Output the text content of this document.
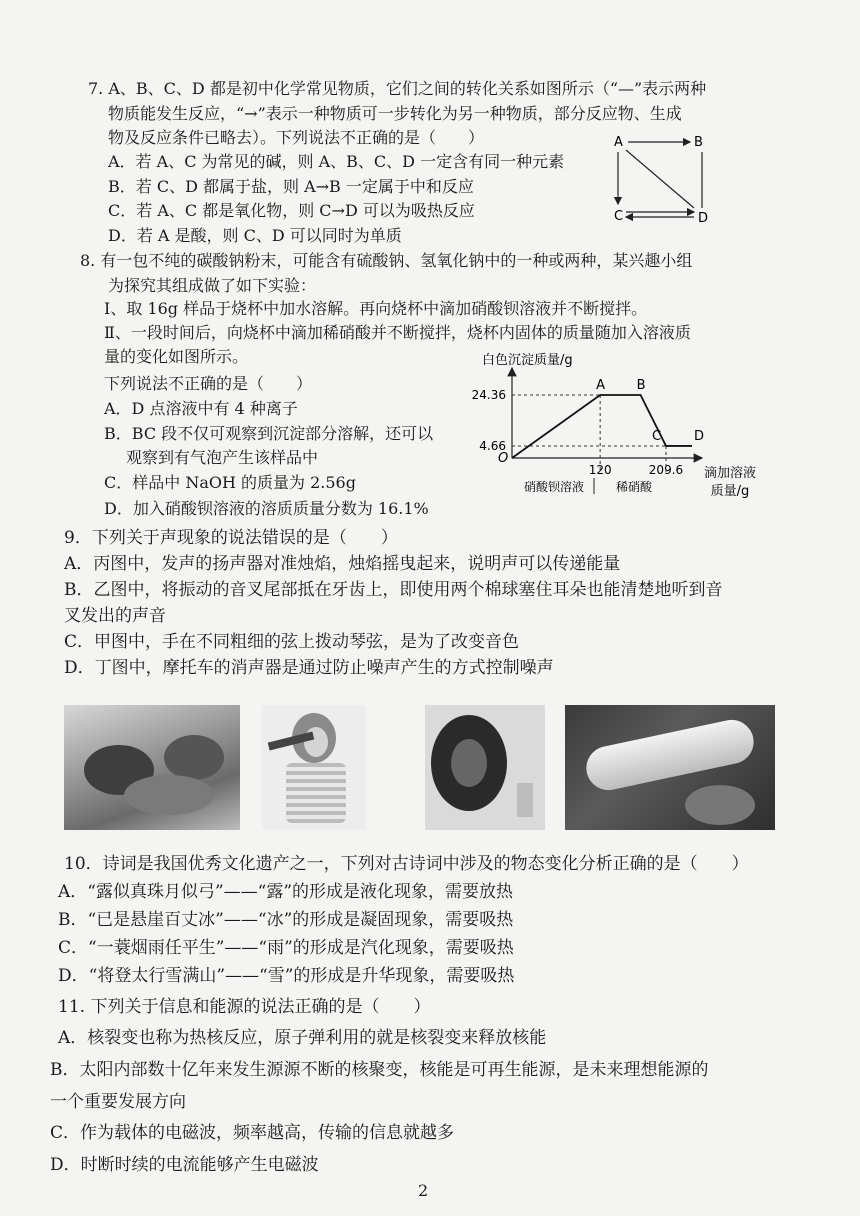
7. A、B、C、D 都是初中化学常见物质，它们之间的转化关系如图所示（“—”表示两种
物质能发生反应，“→”表示一种物质可一步转化为另一种物质，部分反应物、生成
物及反应条件已略去）。下列说法不正确的是（　　）
A．若 A、C 为常见的碱，则 A、B、C、D 一定含有同一种元素
B．若 C、D 都属于盐，则 A→B 一定属于中和反应
C．若 A、C 都是氧化物，则 C→D 可以为吸热反应
D．若 A 是酸，则 C、D 可以同时为单质
A	B
C	D
8. 有一包不纯的碳酸钠粉末，可能含有硫酸钠、氢氧化钠中的一种或两种，某兴趣小组
为探究其组成做了如下实验：
Ⅰ、取 16g 样品于烧杯中加水溶解。再向烧杯中滴加硝酸钡溶液并不断搅拌。
Ⅱ、一段时间后，向烧杯中滴加稀硝酸并不断搅拌，烧杯内固体的质量随加入溶液质
量的变化如图所示。
下列说法不正确的是（　　）
A．D 点溶液中有 4 种离子
B．BC 段不仅可观察到沉淀部分溶解，还可以
观察到有气泡产生该样品中
C．样品中 NaOH 的质量为 2.56g
D．加入硝酸钡溶液的溶质质量分数为 16.1%
白色沉淀质量/g
O
24.36
4.66
120	209.6
硝酸钡溶液	稀硝酸
滴加溶液
质量/g
A B
C	D
9．下列关于声现象的说法错误的是（　　）
A．丙图中，发声的扬声器对准烛焰，烛焰摇曳起来，说明声可以传递能量
B．乙图中，将振动的音叉尾部抵在牙齿上，即使用两个棉球塞住耳朵也能清楚地听到音
叉发出的声音
C．甲图中，手在不同粗细的弦上拨动琴弦，是为了改变音色
D．丁图中，摩托车的消声器是通过防止噪声产生的方式控制噪声
10．诗词是我国优秀文化遗产之一，下列对古诗词中涉及的物态变化分析正确的是（　　）
A．“露似真珠月似弓”——“露”的形成是液化现象，需要放热
B．“已是悬崖百丈冰”——“冰”的形成是凝固现象，需要吸热
C．“一蓑烟雨任平生”——“雨”的形成是汽化现象，需要吸热
D．“将登太行雪满山”——“雪”的形成是升华现象，需要吸热
11. 下列关于信息和能源的说法正确的是（　　）
A．核裂变也称为热核反应，原子弹利用的就是核裂变来释放核能
B．太阳内部数十亿年来发生源源不断的核聚变，核能是可再生能源，是未来理想能源的
一个重要发展方向
C．作为载体的电磁波，频率越高，传输的信息就越多
D．时断时续的电流能够产生电磁波
2
